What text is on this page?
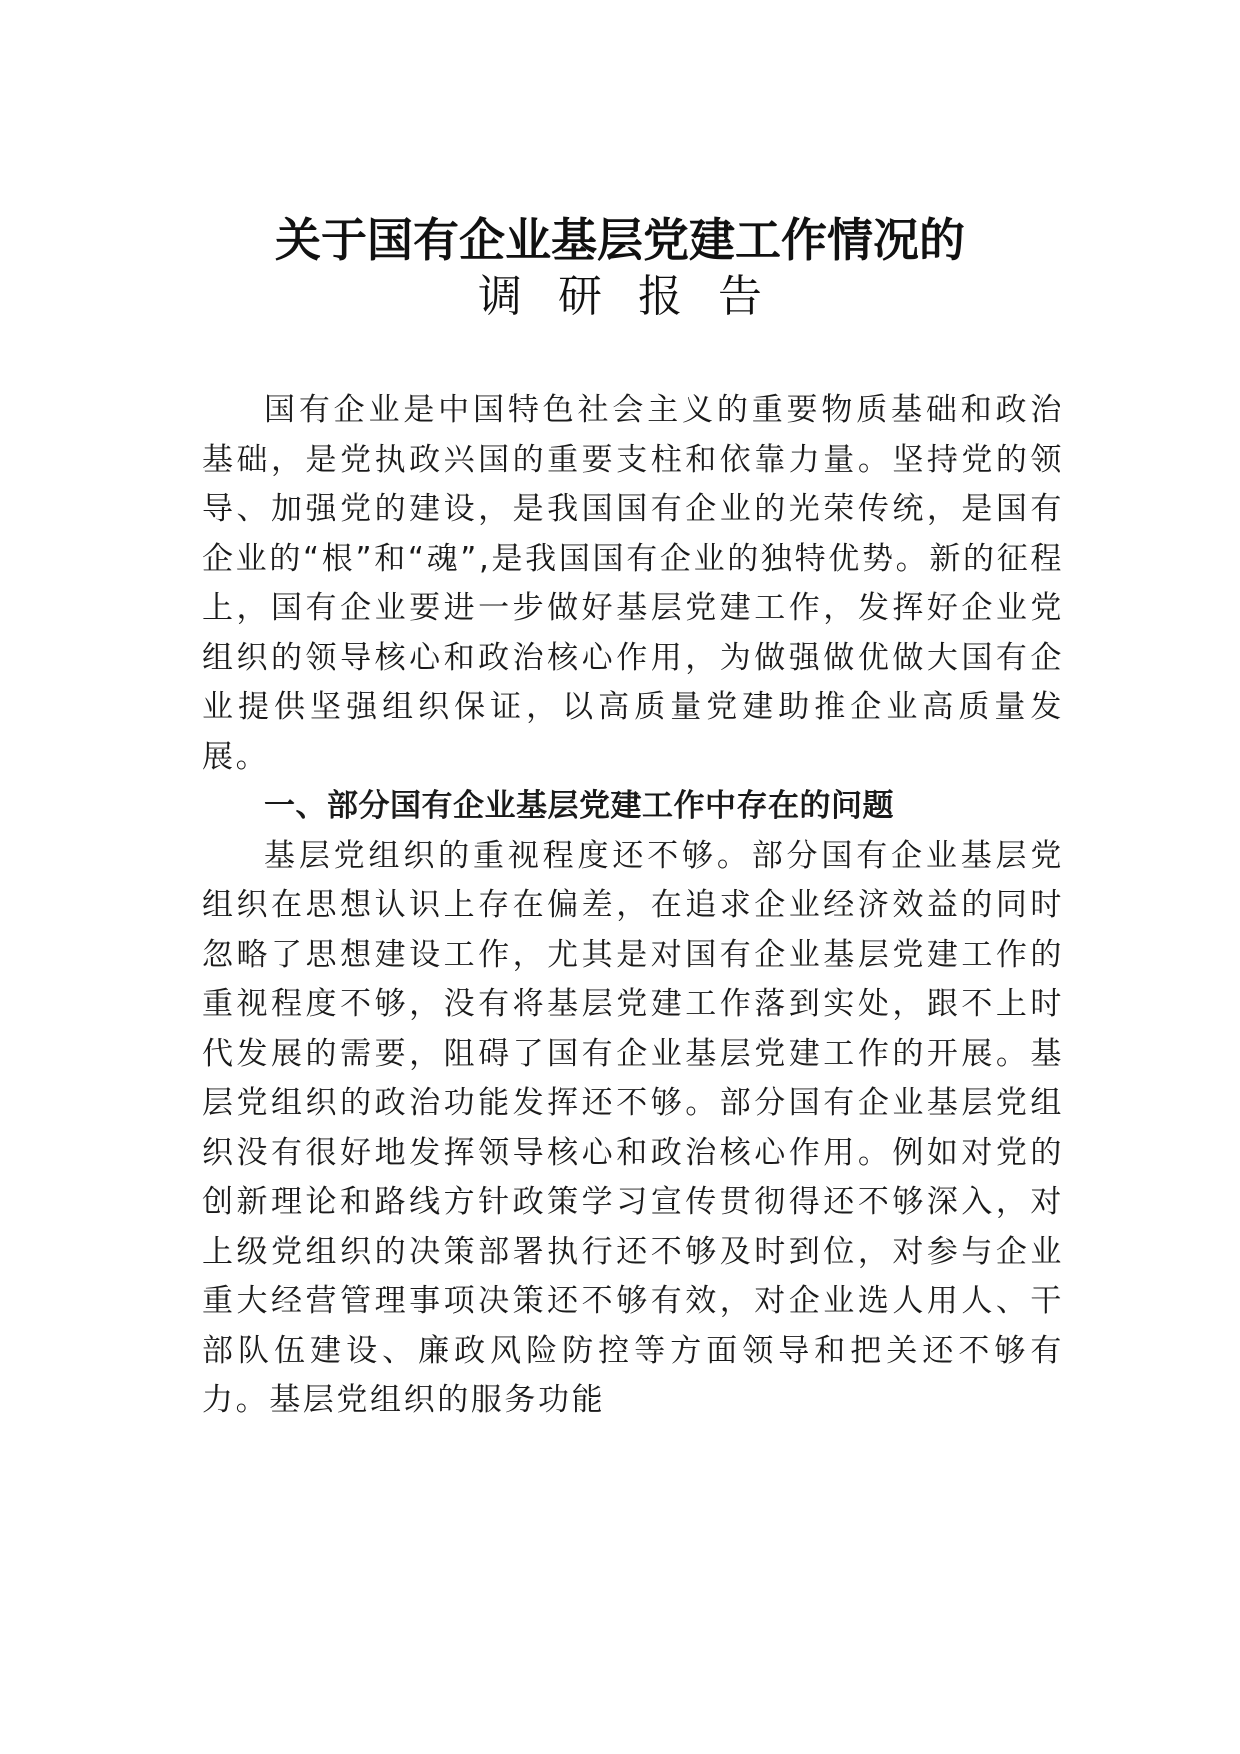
关于国有企业基层党建工作情况的

调研报告

国有企业是中国特色社会主义的重要物质基础和政治基础，是党执政兴国的重要支柱和依靠力量。坚持党的领导、加强党的建设，是我国国有企业的光荣传统，是国有企业的“根”和“魂”,是我国国有企业的独特优势。新的征程上，国有企业要进一步做好基层党建工作，发挥好企业党组织的领导核心和政治核心作用，为做强做优做大国有企业提供坚强组织保证，以高质量党建助推企业高质量发展。

一、部分国有企业基层党建工作中存在的问题

基层党组织的重视程度还不够。部分国有企业基层党组织在思想认识上存在偏差，在追求企业经济效益的同时忽略了思想建设工作，尤其是对国有企业基层党建工作的重视程度不够，没有将基层党建工作落到实处，跟不上时代发展的需要，阻碍了国有企业基层党建工作的开展。基层党组织的政治功能发挥还不够。部分国有企业基层党组织没有很好地发挥领导核心和政治核心作用。例如对党的创新理论和路线方针政策学习宣传贯彻得还不够深入，对上级党组织的决策部署执行还不够及时到位，对参与企业重大经营管理事项决策还不够有效，对企业选人用人、干部队伍建设、廉政风险防控等方面领导和把关还不够有力。基层党组织的服务功能
